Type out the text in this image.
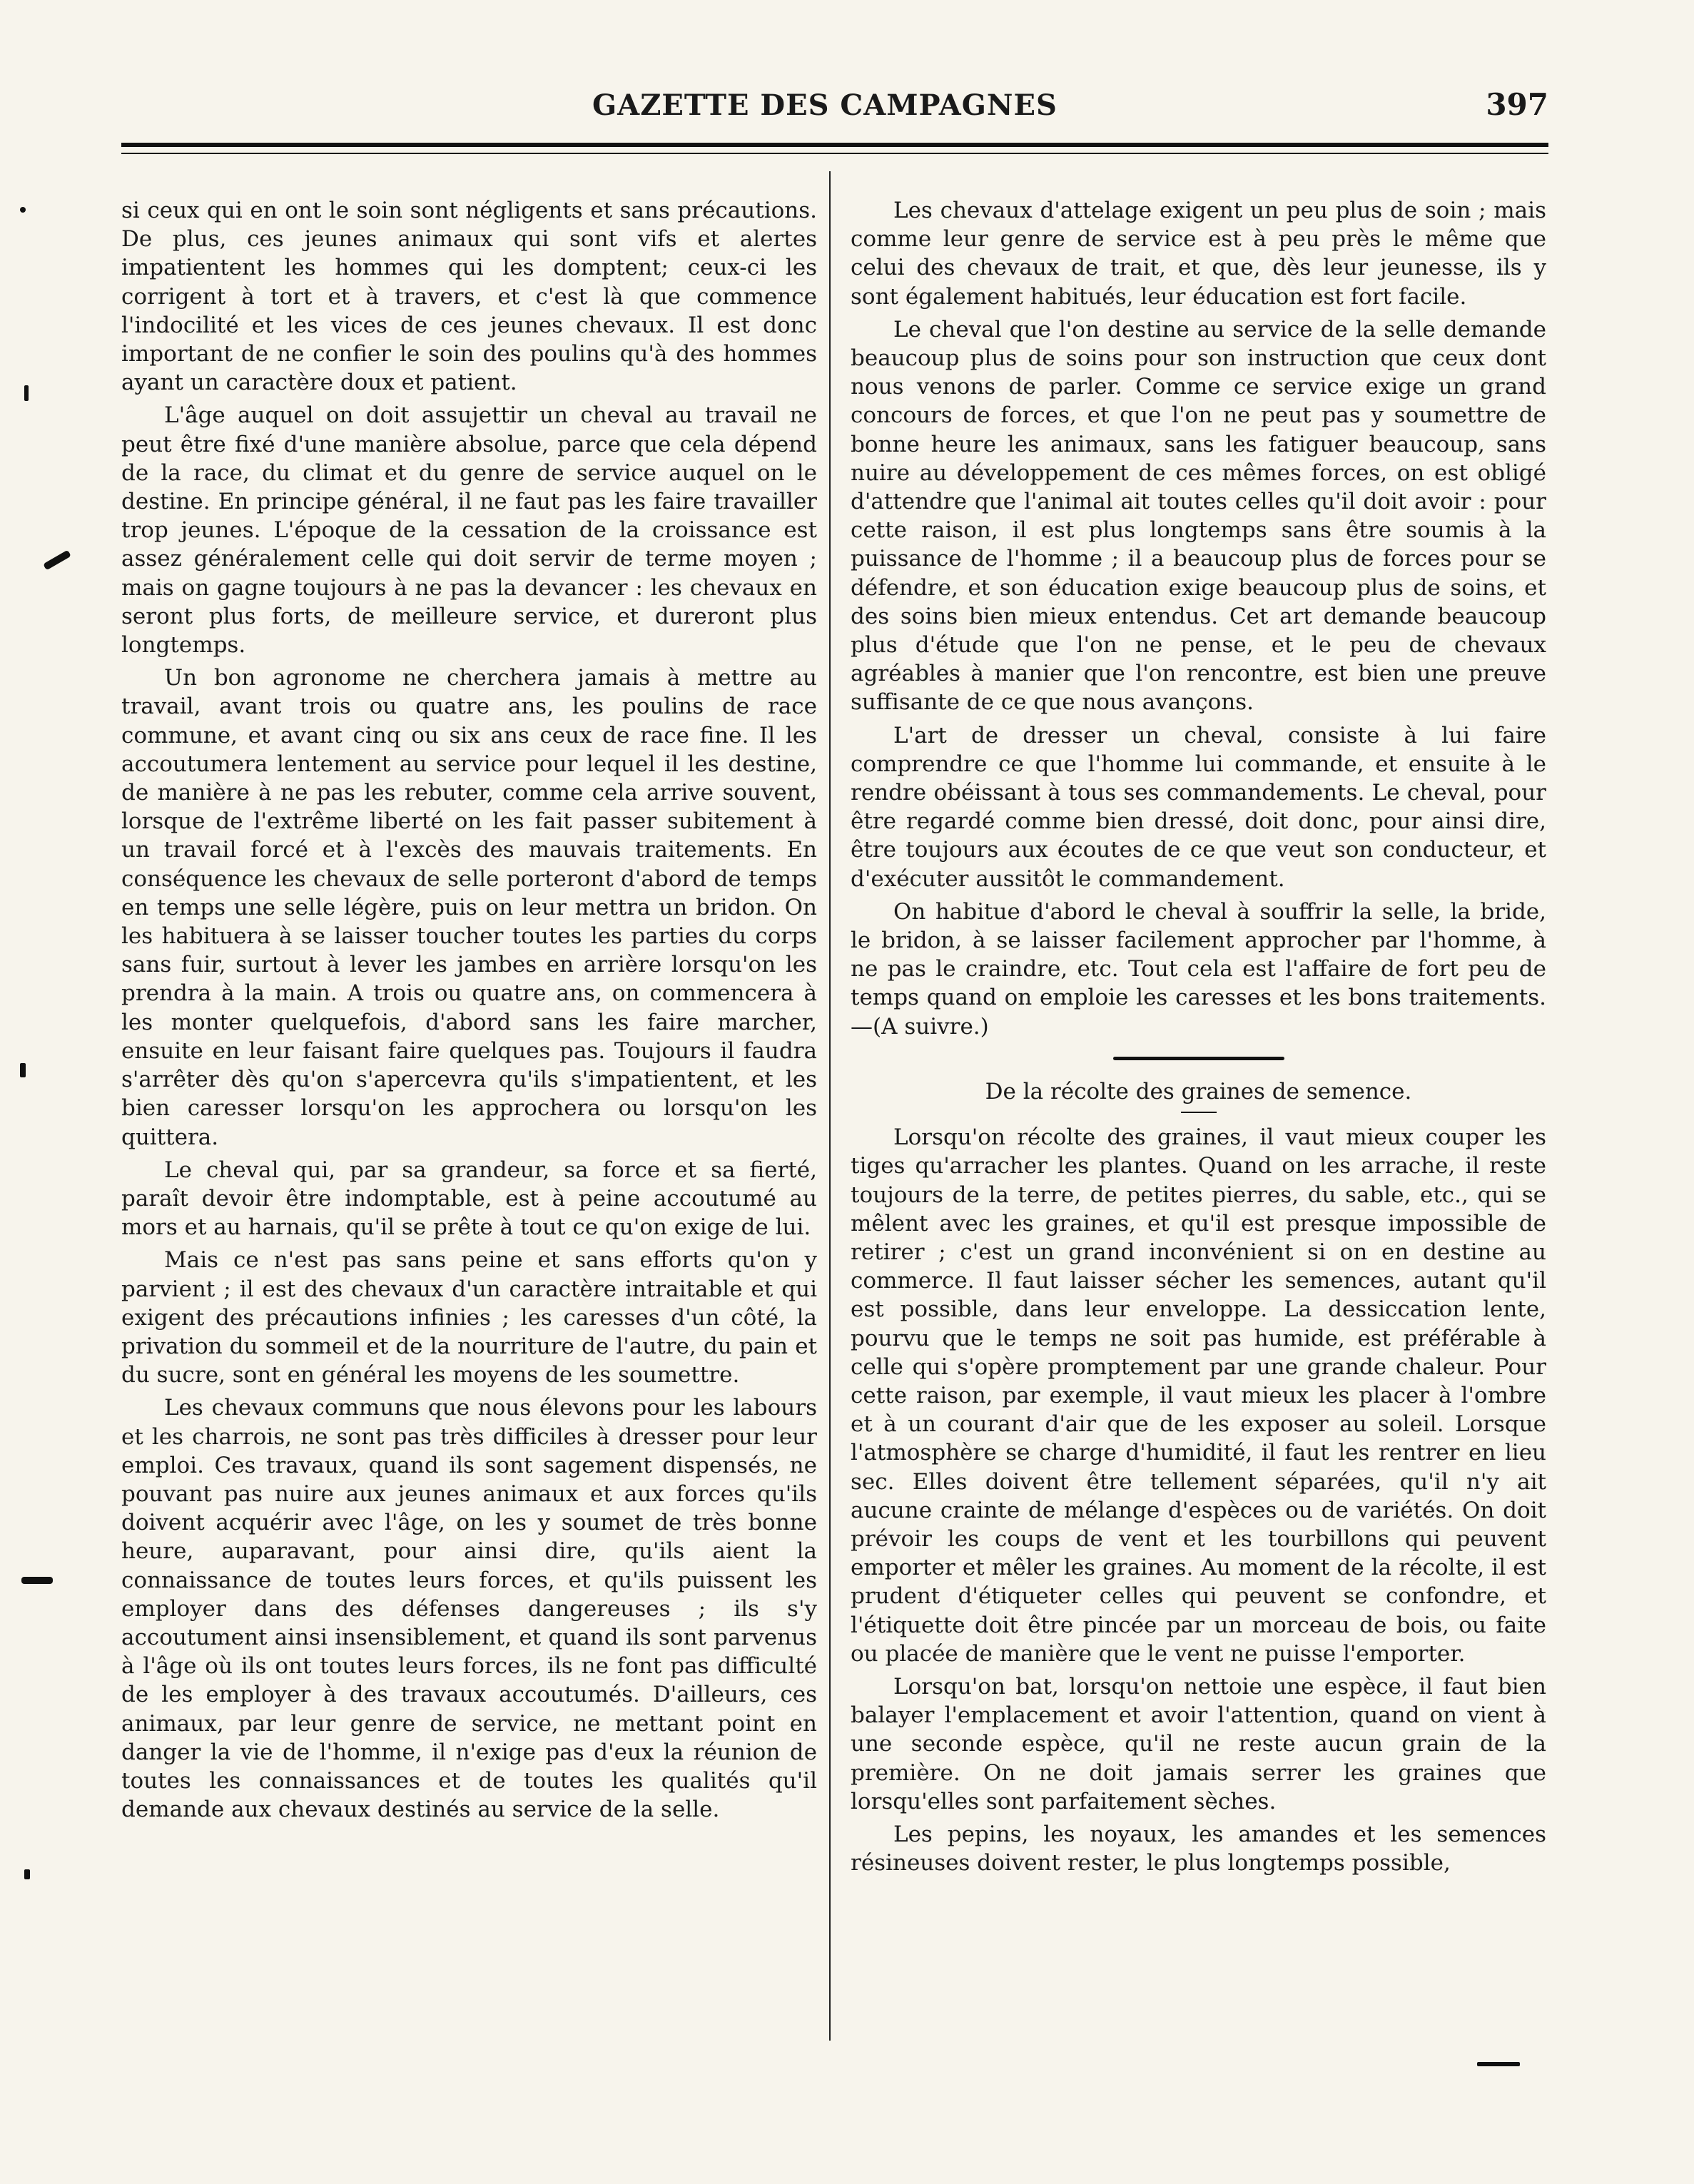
GAZETTE DES CAMPAGNES	397

si ceux qui en ont le soin sont négligents et sans précautions. De plus, ces jeunes animaux qui sont vifs et alertes impatientent les hommes qui les domptent; ceux-ci les corrigent à tort et à travers, et c'est là que commence l'indocilité et les vices de ces jeunes chevaux. Il est donc important de ne confier le soin des poulins qu'à des hommes ayant un caractère doux et patient.

L'âge auquel on doit assujettir un cheval au travail ne peut être fixé d'une manière absolue, parce que cela dépend de la race, du climat et du genre de service auquel on le destine. En principe général, il ne faut pas les faire travailler trop jeunes. L'époque de la cessation de la croissance est assez généralement celle qui doit servir de terme moyen ; mais on gagne toujours à ne pas la devancer : les chevaux en seront plus forts, de meilleure service, et dureront plus longtemps.

Un bon agronome ne cherchera jamais à mettre au travail, avant trois ou quatre ans, les poulins de race commune, et avant cinq ou six ans ceux de race fine. Il les accoutumera lentement au service pour lequel il les destine, de manière à ne pas les rebuter, comme cela arrive souvent, lorsque de l'extrême liberté on les fait passer subitement à un travail forcé et à l'excès des mauvais traitements. En conséquence les chevaux de selle porteront d'abord de temps en temps une selle légère, puis on leur mettra un bridon. On les habituera à se laisser toucher toutes les parties du corps sans fuir, surtout à lever les jambes en arrière lorsqu'on les prendra à la main. A trois ou quatre ans, on commencera à les monter quelquefois, d'abord sans les faire marcher, ensuite en leur faisant faire quelques pas. Toujours il faudra s'arrêter dès qu'on s'apercevra qu'ils s'impatientent, et les bien caresser lorsqu'on les approchera ou lorsqu'on les quittera.

Le cheval qui, par sa grandeur, sa force et sa fierté, paraît devoir être indomptable, est à peine accoutumé au mors et au harnais, qu'il se prête à tout ce qu'on exige de lui.

Mais ce n'est pas sans peine et sans efforts qu'on y parvient ; il est des chevaux d'un caractère intraitable et qui exigent des précautions infinies ; les caresses d'un côté, la privation du sommeil et de la nourriture de l'autre, du pain et du sucre, sont en général les moyens de les soumettre.

Les chevaux communs que nous élevons pour les labours et les charrois, ne sont pas très difficiles à dresser pour leur emploi. Ces travaux, quand ils sont sagement dispensés, ne pouvant pas nuire aux jeunes animaux et aux forces qu'ils doivent acquérir avec l'âge, on les y soumet de très bonne heure, auparavant, pour ainsi dire, qu'ils aient la connaissance de toutes leurs forces, et qu'ils puissent les employer dans des défenses dangereuses ; ils s'y accoutument ainsi insensiblement, et quand ils sont parvenus à l'âge où ils ont toutes leurs forces, ils ne font pas difficulté de les employer à des travaux accoutumés. D'ailleurs, ces animaux, par leur genre de service, ne mettant point en danger la vie de l'homme, il n'exige pas d'eux la réunion de toutes les connaissances et de toutes les qualités qu'il demande aux chevaux destinés au service de la selle.

Les chevaux d'attelage exigent un peu plus de soin ; mais comme leur genre de service est à peu près le même que celui des chevaux de trait, et que, dès leur jeunesse, ils y sont également habitués, leur éducation est fort facile.

Le cheval que l'on destine au service de la selle demande beaucoup plus de soins pour son instruction que ceux dont nous venons de parler. Comme ce service exige un grand concours de forces, et que l'on ne peut pas y soumettre de bonne heure les animaux, sans les fatiguer beaucoup, sans nuire au développement de ces mêmes forces, on est obligé d'attendre que l'animal ait toutes celles qu'il doit avoir : pour cette raison, il est plus longtemps sans être soumis à la puissance de l'homme ; il a beaucoup plus de forces pour se défendre, et son éducation exige beaucoup plus de soins, et des soins bien mieux entendus. Cet art demande beaucoup plus d'étude que l'on ne pense, et le peu de chevaux agréables à manier que l'on rencontre, est bien une preuve suffisante de ce que nous avançons.

L'art de dresser un cheval, consiste à lui faire comprendre ce que l'homme lui commande, et ensuite à le rendre obéissant à tous ses commandements. Le cheval, pour être regardé comme bien dressé, doit donc, pour ainsi dire, être toujours aux écoutes de ce que veut son conducteur, et d'exécuter aussitôt le commandement.

On habitue d'abord le cheval à souffrir la selle, la bride, le bridon, à se laisser facilement approcher par l'homme, à ne pas le craindre, etc. Tout cela est l'affaire de fort peu de temps quand on emploie les caresses et les bons traitements.—(A suivre.)

De la récolte des graines de semence.

Lorsqu'on récolte des graines, il vaut mieux couper les tiges qu'arracher les plantes. Quand on les arrache, il reste toujours de la terre, de petites pierres, du sable, etc., qui se mêlent avec les graines, et qu'il est presque impossible de retirer ; c'est un grand inconvénient si on en destine au commerce. Il faut laisser sécher les semences, autant qu'il est possible, dans leur enveloppe. La dessiccation lente, pourvu que le temps ne soit pas humide, est préférable à celle qui s'opère promptement par une grande chaleur. Pour cette raison, par exemple, il vaut mieux les placer à l'ombre et à un courant d'air que de les exposer au soleil. Lorsque l'atmosphère se charge d'humidité, il faut les rentrer en lieu sec. Elles doivent être tellement séparées, qu'il n'y ait aucune crainte de mélange d'espèces ou de variétés. On doit prévoir les coups de vent et les tourbillons qui peuvent emporter et mêler les graines. Au moment de la récolte, il est prudent d'étiqueter celles qui peuvent se confondre, et l'étiquette doit être pincée par un morceau de bois, ou faite ou placée de manière que le vent ne puisse l'emporter.

Lorsqu'on bat, lorsqu'on nettoie une espèce, il faut bien balayer l'emplacement et avoir l'attention, quand on vient à une seconde espèce, qu'il ne reste aucun grain de la première. On ne doit jamais serrer les graines que lorsqu'elles sont parfaitement sèches.

Les pepins, les noyaux, les amandes et les semences résineuses doivent rester, le plus longtemps possible,
